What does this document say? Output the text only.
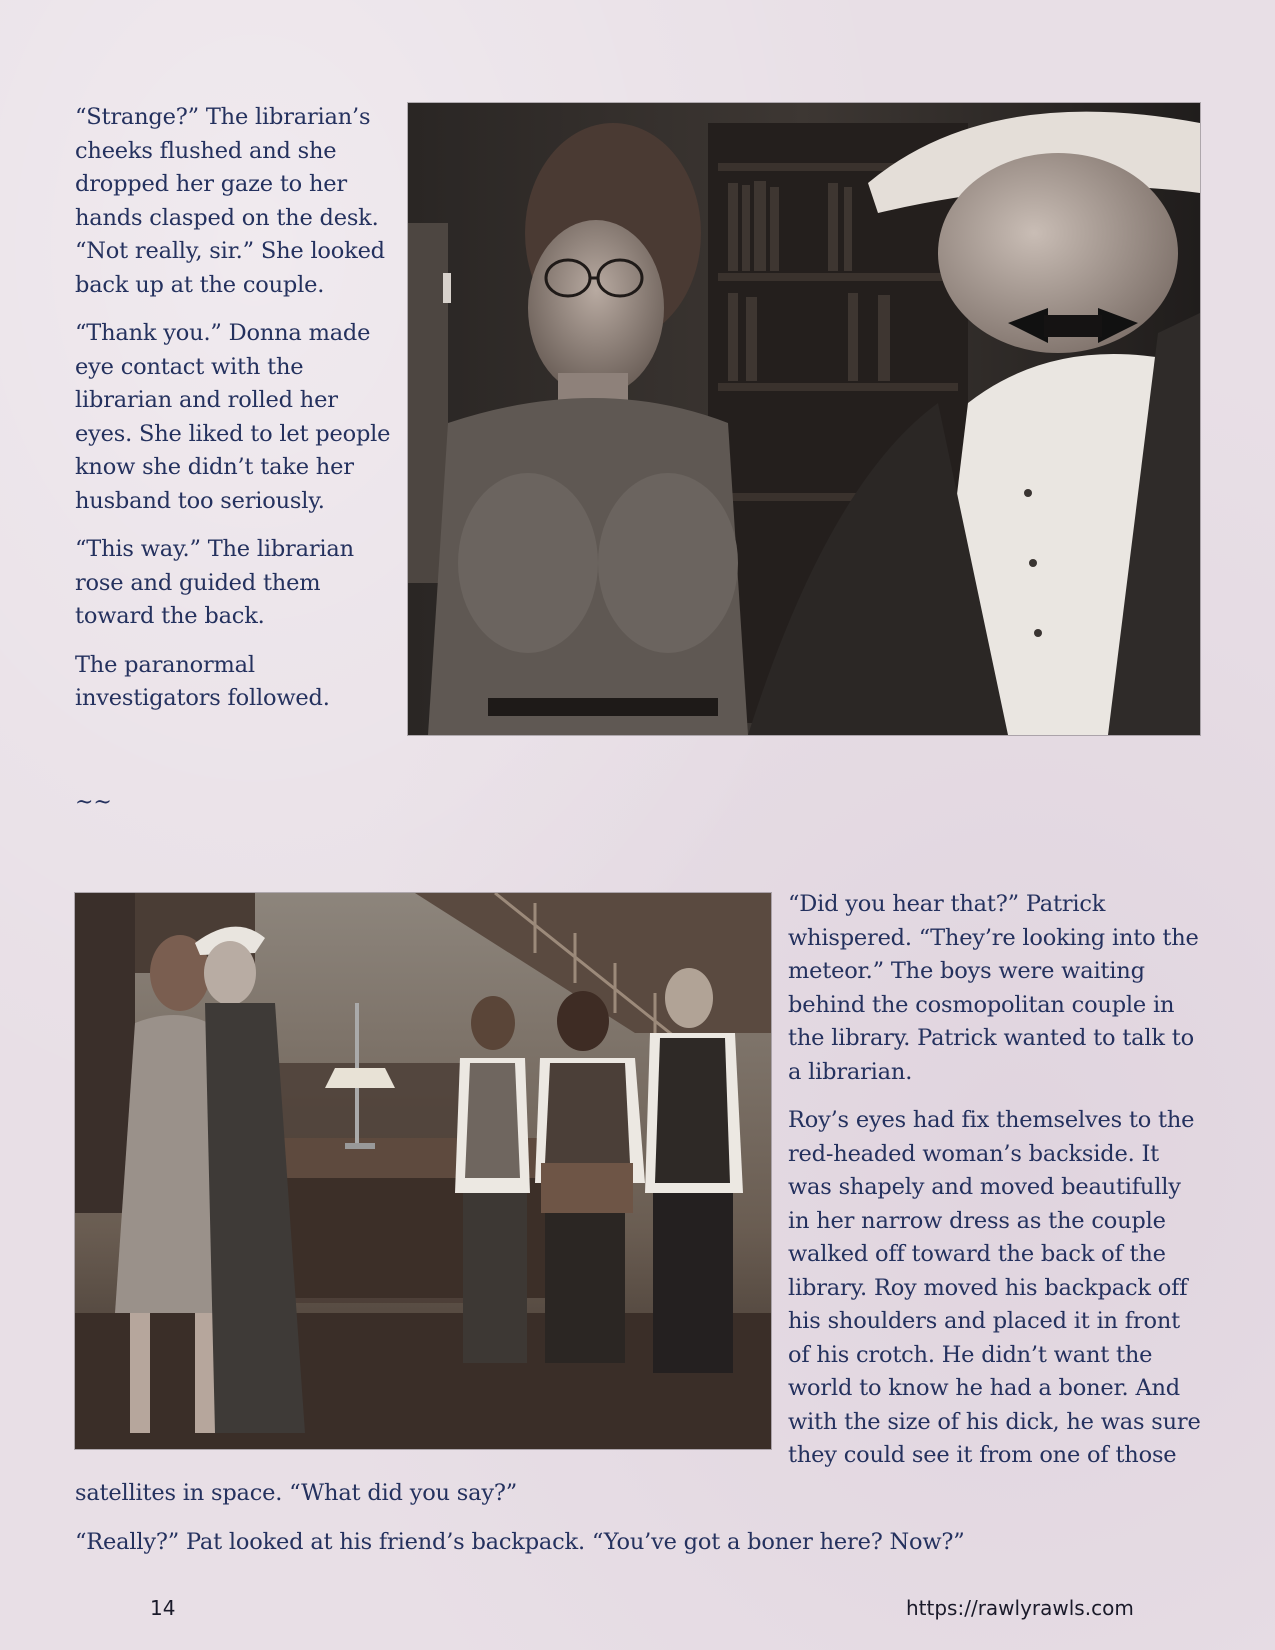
“Strange?” The librarian’s cheeks flushed and she dropped her gaze to her hands clasped on the desk. “Not really, sir.” She looked back up at the couple.

“Thank you.” Donna made eye contact with the librarian and rolled her eyes. She liked to let people know she didn’t take her husband too seriously.

“This way.” The librarian rose and guided them toward the back.

The paranormal investigators followed.

~~

“Did you hear that?” Patrick whispered. “They’re looking into the meteor.” The boys were waiting behind the cosmopolitan couple in the library. Patrick wanted to talk to a librarian.

Roy’s eyes had fix themselves to the red-headed woman’s backside. It was shapely and moved beautifully in her narrow dress as the couple walked off toward the back of the library. Roy moved his backpack off his shoulders and placed it in front of his crotch. He didn’t want the world to know he had a boner. And with the size of his dick, he was sure they could see it from one of those

satellites in space. “What did you say?”

“Really?” Pat looked at his friend’s backpack. “You’ve got a boner here? Now?”

14	https://rawlyrawls.com
